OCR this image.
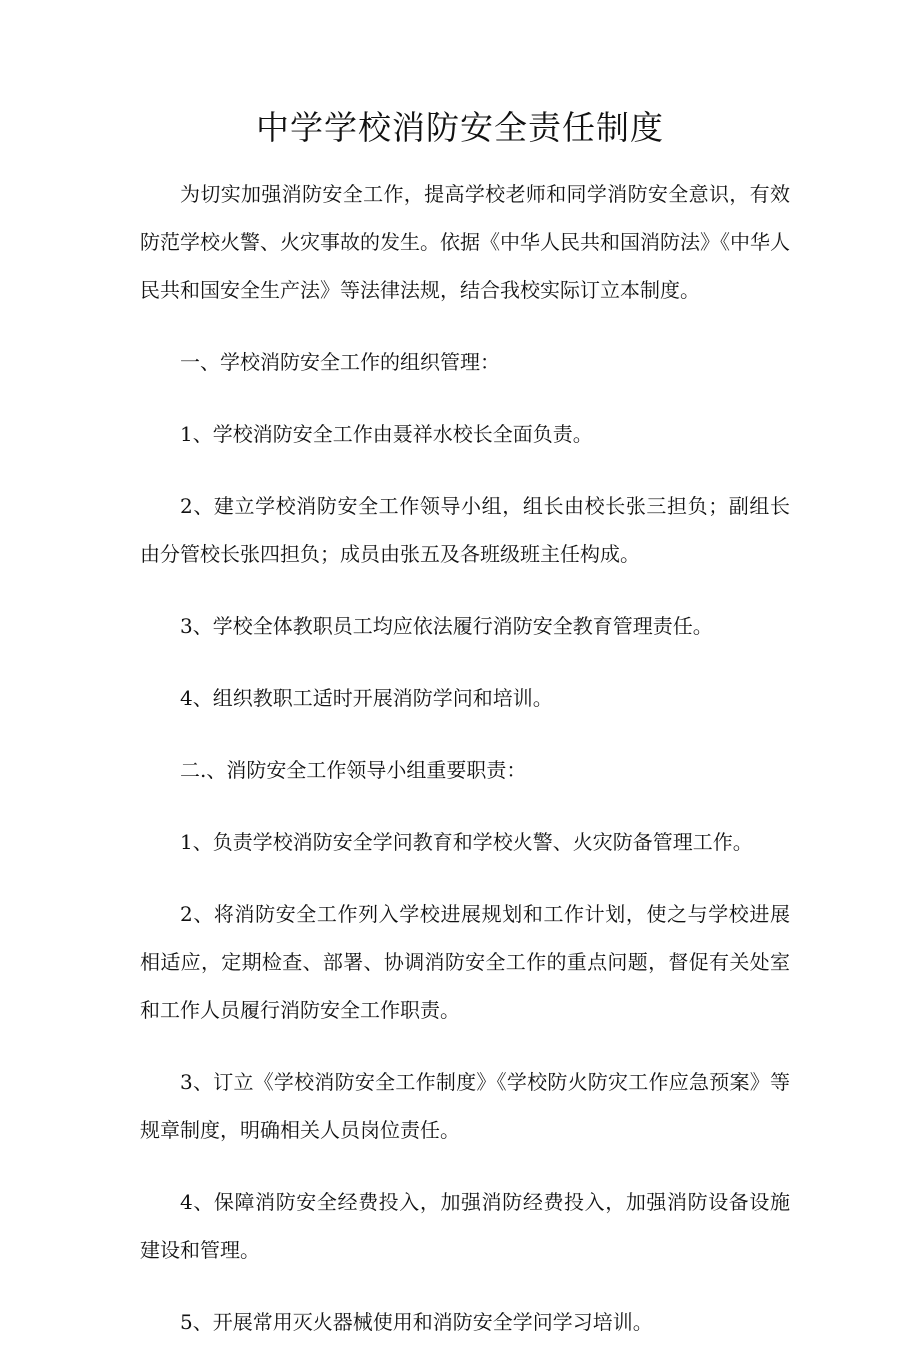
中学学校消防安全责任制度

为切实加强消防安全工作，提高学校老师和同学消防安全意识，有效防范学校火警、火灾事故的发生。依据《中华人民共和国消防法》《中华人民共和国安全生产法》等法律法规，结合我校实际订立本制度。

一、学校消防安全工作的组织管理：

1、学校消防安全工作由聂祥水校长全面负责。

2、建立学校消防安全工作领导小组，组长由校长张三担负；副组长由分管校长张四担负；成员由张五及各班级班主任构成。

3、学校全体教职员工均应依法履行消防安全教育管理责任。

4、组织教职工适时开展消防学问和培训。

二.、消防安全工作领导小组重要职责：

1、负责学校消防安全学问教育和学校火警、火灾防备管理工作。

2、将消防安全工作列入学校进展规划和工作计划，使之与学校进展相适应，定期检查、部署、协调消防安全工作的重点问题，督促有关处室和工作人员履行消防安全工作职责。

3、订立《学校消防安全工作制度》《学校防火防灾工作应急预案》等规章制度，明确相关人员岗位责任。

4、保障消防安全经费投入，加强消防经费投入，加强消防设备设施建设和管理。

5、开展常用灭火器械使用和消防安全学问学习培训。
